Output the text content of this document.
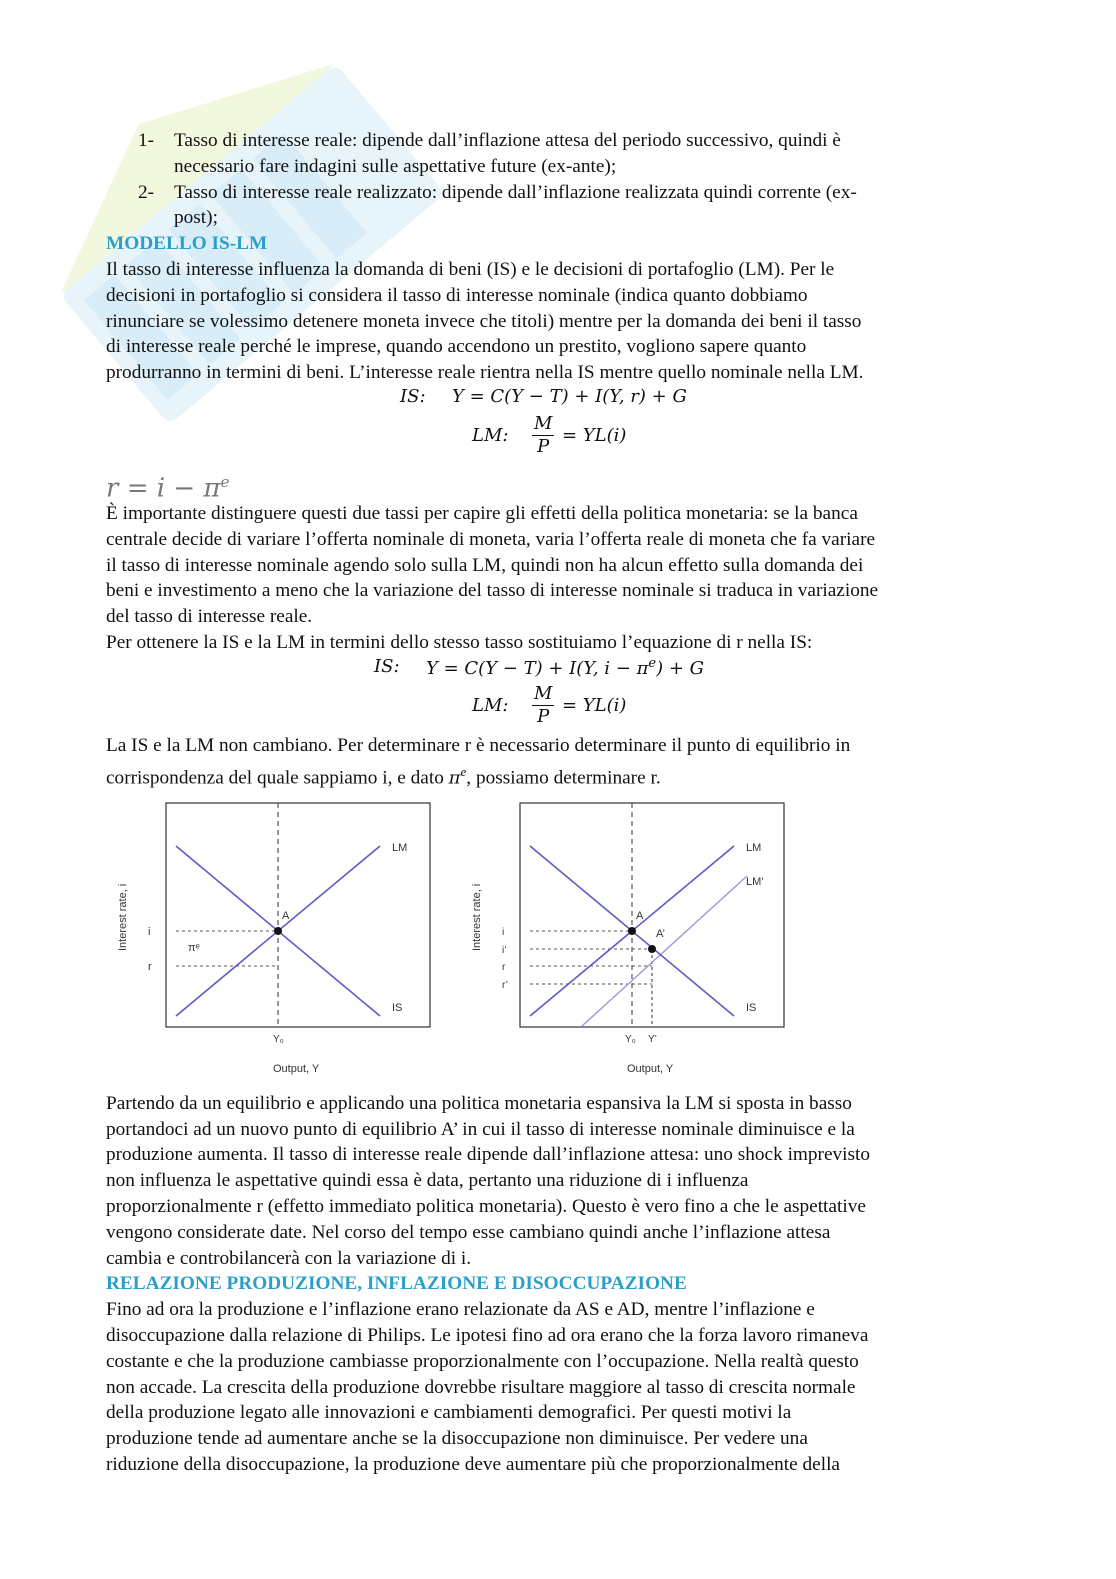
1- Tasso di interesse reale: dipende dall’inflazione attesa del periodo successivo, quindi è
necessario fare indagini sulle aspettative future (ex-ante);
2- Tasso di interesse reale realizzato: dipende dall’inflazione realizzata quindi corrente (ex-
post);
MODELLO IS-LM

Il tasso di interesse influenza la domanda di beni (IS) e le decisioni di portafoglio (LM). Per le

decisioni in portafoglio si considera il tasso di interesse nominale (indica quanto dobbiamo

rinunciare se volessimo detenere moneta invece che titoli) mentre per la domanda dei beni il tasso

di interesse reale perché le imprese, quando accendono un prestito, vogliono sapere quanto

produrranno in termini di beni. L’interesse reale rientra nella IS mentre quello nominale nella LM.

IS: Y = C(Y − T) + I(Y, r) + G
LM: $\frac{M}{P} = YL(i)$
$r = i - \pi^e$

È importante distinguere questi due tassi per capire gli effetti della politica monetaria: se la banca

centrale decide di variare l’offerta nominale di moneta, varia l’offerta reale di moneta che fa variare

il tasso di interesse nominale agendo solo sulla LM, quindi non ha alcun effetto sulla domanda dei

beni e investimento a meno che la variazione del tasso di interesse nominale si traduca in variazione

del tasso di interesse reale.

Per ottenere la IS e la LM in termini dello stesso tasso sostituiamo l’equazione di r nella IS:

IS: Y = C(Y − T) + I(Y, $i - \pi^e) + G$
LM: $\frac{M}{P} = YL(i)$

La IS e la LM non cambiano. Per determinare r è necessario determinare il punto di equilibrio in

corrispondenza del quale sappiamo i, e dato $\pi^e$, possiamo determinare r.

A
LM
IS
i
r
πᵉ
Y₀
Output, Y
Interest rate, i	A
A’
LM
LM’
IS
i
i’
r
r’
Y₀ Y’
Output, Y
Interest rate, i

Partendo da un equilibrio e applicando una politica monetaria espansiva la LM si sposta in basso

portandoci ad un nuovo punto di equilibrio A’ in cui il tasso di interesse nominale diminuisce e la

produzione aumenta. Il tasso di interesse reale dipende dall’inflazione attesa: uno shock imprevisto

non influenza le aspettative quindi essa è data, pertanto una riduzione di i influenza

proporzionalmente r (effetto immediato politica monetaria). Questo è vero fino a che le aspettative

vengono considerate date. Nel corso del tempo esse cambiano quindi anche l’inflazione attesa

cambia e controbilancerà con la variazione di i.

RELAZIONE PRODUZIONE, INFLAZIONE E DISOCCUPAZIONE

Fino ad ora la produzione e l’inflazione erano relazionate da AS e AD, mentre l’inflazione e

disoccupazione dalla relazione di Philips. Le ipotesi fino ad ora erano che la forza lavoro rimaneva

costante e che la produzione cambiasse proporzionalmente con l’occupazione. Nella realtà questo

non accade. La crescita della produzione dovrebbe risultare maggiore al tasso di crescita normale

della produzione legato alle innovazioni e cambiamenti demografici. Per questi motivi la

produzione tende ad aumentare anche se la disoccupazione non diminuisce. Per vedere una

riduzione della disoccupazione, la produzione deve aumentare più che proporzionalmente della
